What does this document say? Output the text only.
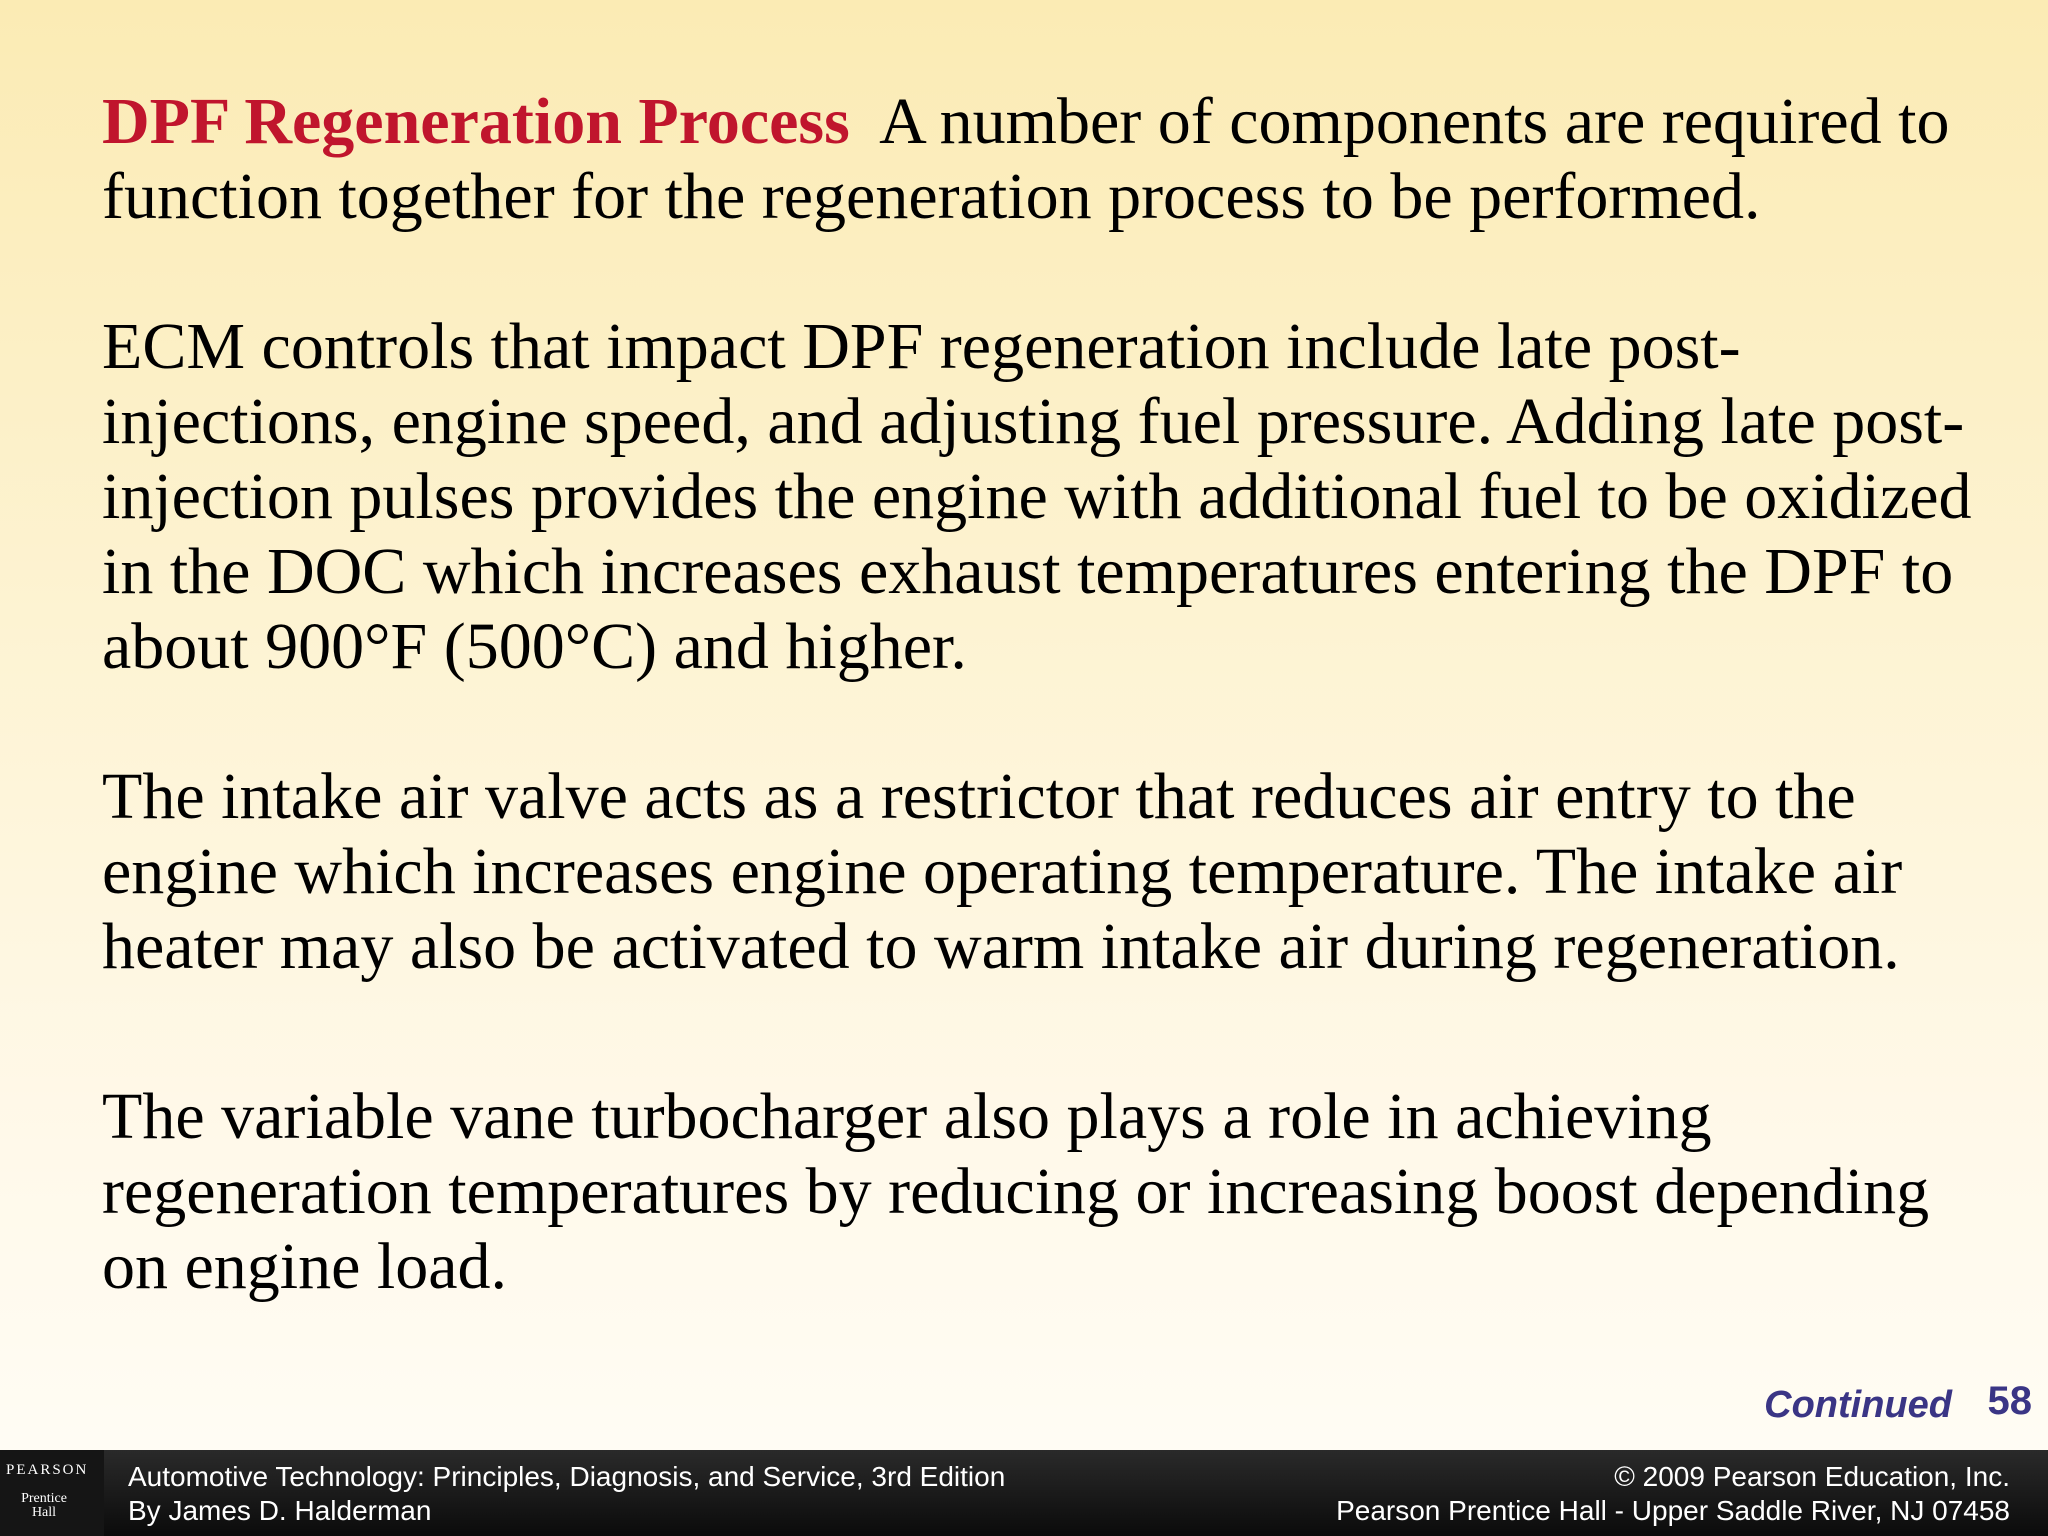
DPF Regeneration Process A number of components are required to function together for the regeneration process to be performed.

ECM controls that impact DPF regeneration include late post-injections, engine speed, and adjusting fuel pressure. Adding late post-injection pulses provides the engine with additional fuel to be oxidized in the DOC which increases exhaust temperatures entering the DPF to about 900°F (500°C) and higher.

The intake air valve acts as a restrictor that reduces air entry to the engine which increases engine operating temperature. The intake air heater may also be activated to warm intake air during regeneration.

The variable vane turbocharger also plays a role in achieving regeneration temperatures by reducing or increasing boost depending on engine load.

Continued 58
PEARSON
Prentice Hall
Automotive Technology: Principles, Diagnosis, and Service, 3rd Edition
By James D. Halderman
© 2009 Pearson Education, Inc.
Pearson Prentice Hall - Upper Saddle River, NJ 07458
